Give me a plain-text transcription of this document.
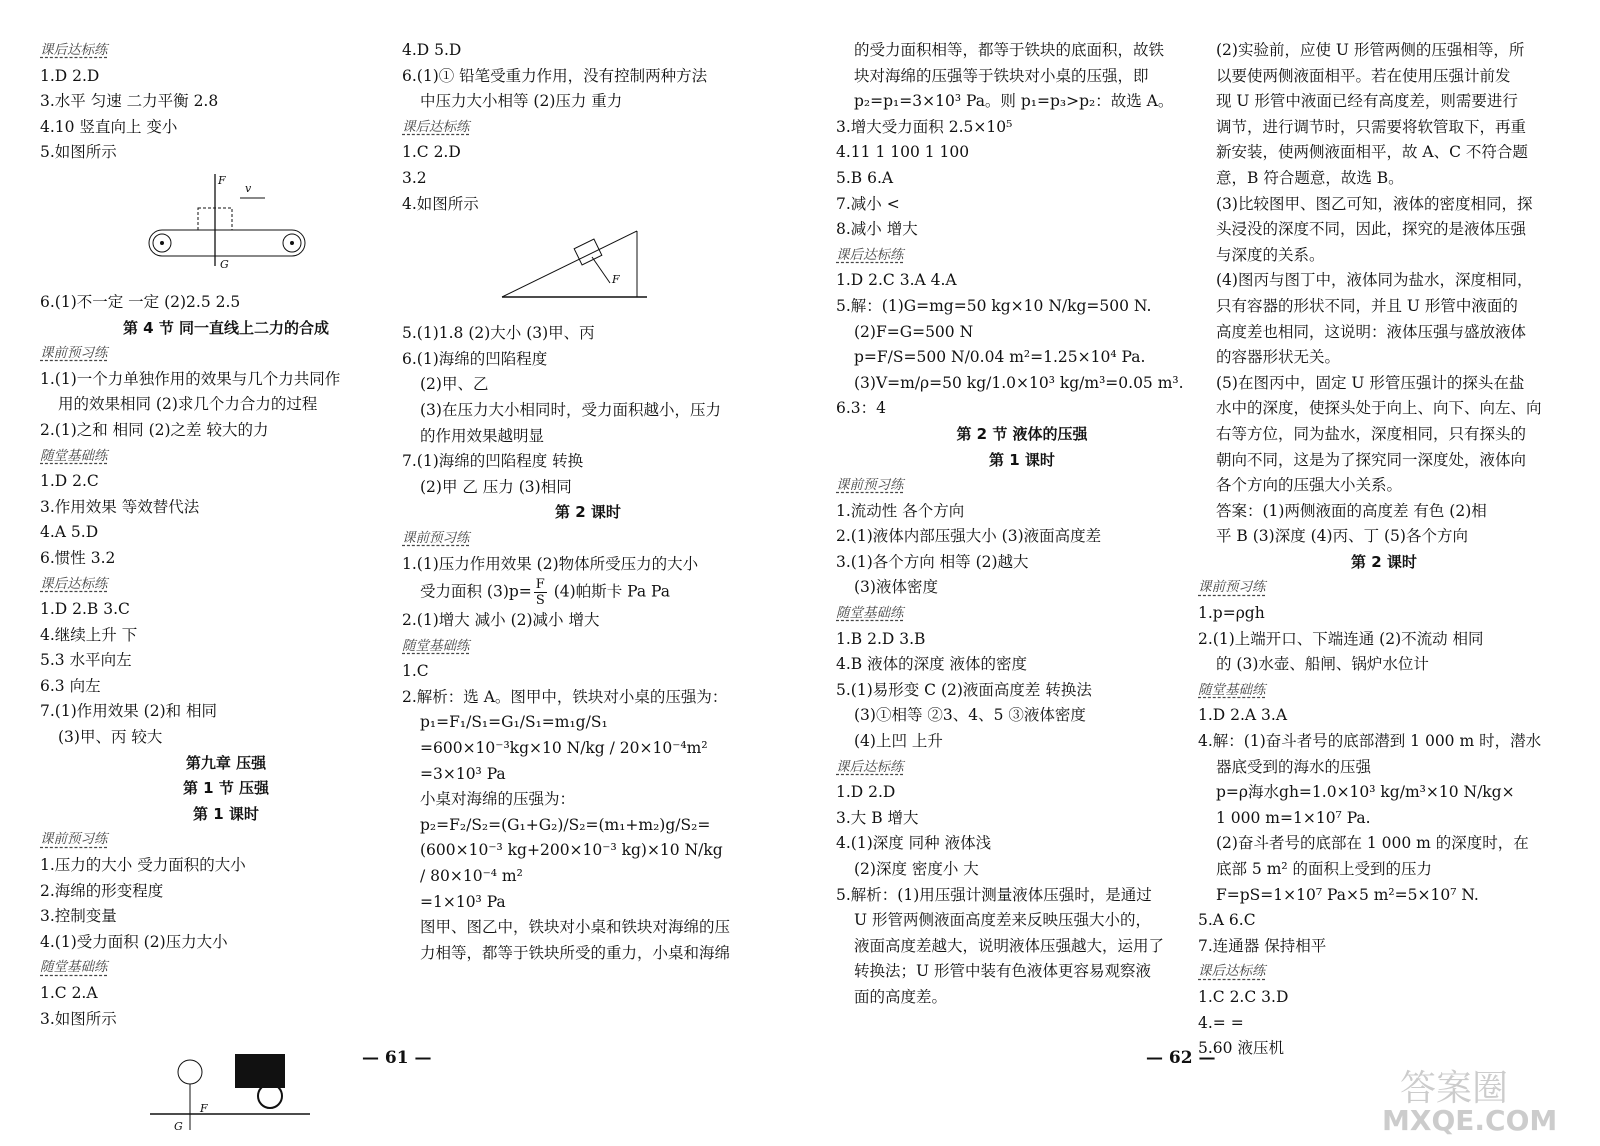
课后达标练
1.D 2.D
3.水平 匀速 二力平衡 2.8
4.10 竖直向上 变小
5.如图所示
F
G
v
6.(1)不一定 一定 (2)2.5 2.5
第 4 节 同一直线上二力的合成
课前预习练
1.(1)一个力单独作用的效果与几个力共同作
用的效果相同 (2)求几个力合力的过程
2.(1)之和 相同 (2)之差 较大的力
随堂基础练
1.D 2.C
3.作用效果 等效替代法
4.A 5.D
6.惯性 3.2
课后达标练
1.D 2.B 3.C
4.继续上升 下
5.3 水平向左
6.3 向左
7.(1)作用效果 (2)和 相同
(3)甲、丙 较大
第九章 压强
第 1 节 压强
第 1 课时
课前预习练
1.压力的大小 受力面积的大小
2.海绵的形变程度
3.控制变量
4.(1)受力面积 (2)压力大小
随堂基础练
1.C 2.A
3.如图所示
G
F
4.D 5.D
6.(1)① 铅笔受重力作用，没有控制两种方法
中压力大小相等 (2)压力 重力
课后达标练
1.C 2.D
3.2
4.如图所示
F
5.(1)1.8 (2)大小 (3)甲、丙
6.(1)海绵的凹陷程度
(2)甲、乙
(3)在压力大小相同时，受力面积越小，压力
的作用效果越明显
7.(1)海绵的凹陷程度 转换
(2)甲 乙 压力 (3)相同
第 2 课时
课前预习练
1.(1)压力作用效果 (2)物体所受压力的大小
受力面积 $(3)p= \frac{F}{S} (4)$帕斯卡 Pa Pa
2.(1)增大 减小 (2)减小 增大
随堂基础练
1.C
2.解析：选 A。图甲中，铁块对小桌的压强为：
p₁=F₁/S₁=G₁/S₁=m₁g/S₁
=600×10⁻³kg×10 N/kg / 20×10⁻⁴m²
=3×10³ Pa
小桌对海绵的压强为：
p₂=F₂/S₂=(G₁+G₂)/S₂=(m₁+m₂)g/S₂=
(600×10⁻³ kg+200×10⁻³ kg)×10 N/kg
/ 80×10⁻⁴ m²
=1×10³ Pa
图甲、图乙中，铁块对小桌和铁块对海绵的压
力相等，都等于铁块所受的重力，小桌和海绵
的受力面积相等，都等于铁块的底面积，故铁
块对海绵的压强等于铁块对小桌的压强，即
p₂=p₁=3×10³ Pa。则 p₁=p₃>p₂：故选 A。
3.增大受力面积 2.5×10⁵
4.11 1 100 1 100
5.B 6.A
7.减小 <
8.减小 增大
课后达标练
1.D 2.C 3.A 4.A
5.解：(1)G=mg=50 kg×10 N/kg=500 N.
(2)F=G=500 N
p=F/S=500 N/0.04 m²=1.25×10⁴ Pa.
(3)V=m/ρ=50 kg/1.0×10³ kg/m³=0.05 m³.
6.3：4
第 2 节 液体的压强
第 1 课时
课前预习练
1.流动性 各个方向
2.(1)液体内部压强大小 (3)液面高度差
3.(1)各个方向 相等 (2)越大
(3)液体密度
随堂基础练
1.B 2.D 3.B
4.B 液体的深度 液体的密度
5.(1)易形变 C (2)液面高度差 转换法
(3)①相等 ②3、4、5 ③液体密度
(4)上凹 上升
课后达标练
1.D 2.D
3.大 B 增大
4.(1)深度 同种 液体浅
(2)深度 密度小 大
5.解析：(1)用压强计测量液体压强时，是通过
U 形管两侧液面高度差来反映压强大小的，
液面高度差越大，说明液体压强越大，运用了
转换法；U 形管中装有色液体更容易观察液
面的高度差。
(2)实验前，应使 U 形管两侧的压强相等，所
以要使两侧液面相平。若在使用压强计前发
现 U 形管中液面已经有高度差，则需要进行
调节，进行调节时，只需要将软管取下，再重
新安装，使两侧液面相平，故 A、C 不符合题
意，B 符合题意，故选 B。
(3)比较图甲、图乙可知，液体的密度相同，探
头浸没的深度不同，因此，探究的是液体压强
与深度的关系。
(4)图丙与图丁中，液体同为盐水，深度相同，
只有容器的形状不同，并且 U 形管中液面的
高度差也相同，这说明：液体压强与盛放液体
的容器形状无关。
(5)在图丙中，固定 U 形管压强计的探头在盐
水中的深度，使探头处于向上、向下、向左、向
右等方位，同为盐水，深度相同，只有探头的
朝向不同，这是为了探究同一深度处，液体向
各个方向的压强大小关系。
答案：(1)两侧液面的高度差 有色 (2)相
平 B (3)深度 (4)丙、丁 (5)各个方向
第 2 课时
课前预习练
1.p=ρgh
2.(1)上端开口、下端连通 (2)不流动 相同
的 (3)水壶、船闸、锅炉水位计
随堂基础练
1.D 2.A 3.A
4.解：(1)奋斗者号的底部潜到 1 000 m 时，潜水
器底受到的海水的压强
p=ρ海水gh=1.0×10³ kg/m³×10 N/kg×
1 000 m=1×10⁷ Pa.
(2)奋斗者号的底部在 1 000 m 的深度时，在
底部 5 m² 的面积上受到的压力
F=pS=1×10⁷ Pa×5 m²=5×10⁷ N.
5.A 6.C
7.连通器 保持相平
课后达标练
1.C 2.C 3.D
4.= =
5.60 液压机
— 61 —	— 62 —
答案圈
MXQE.COM
